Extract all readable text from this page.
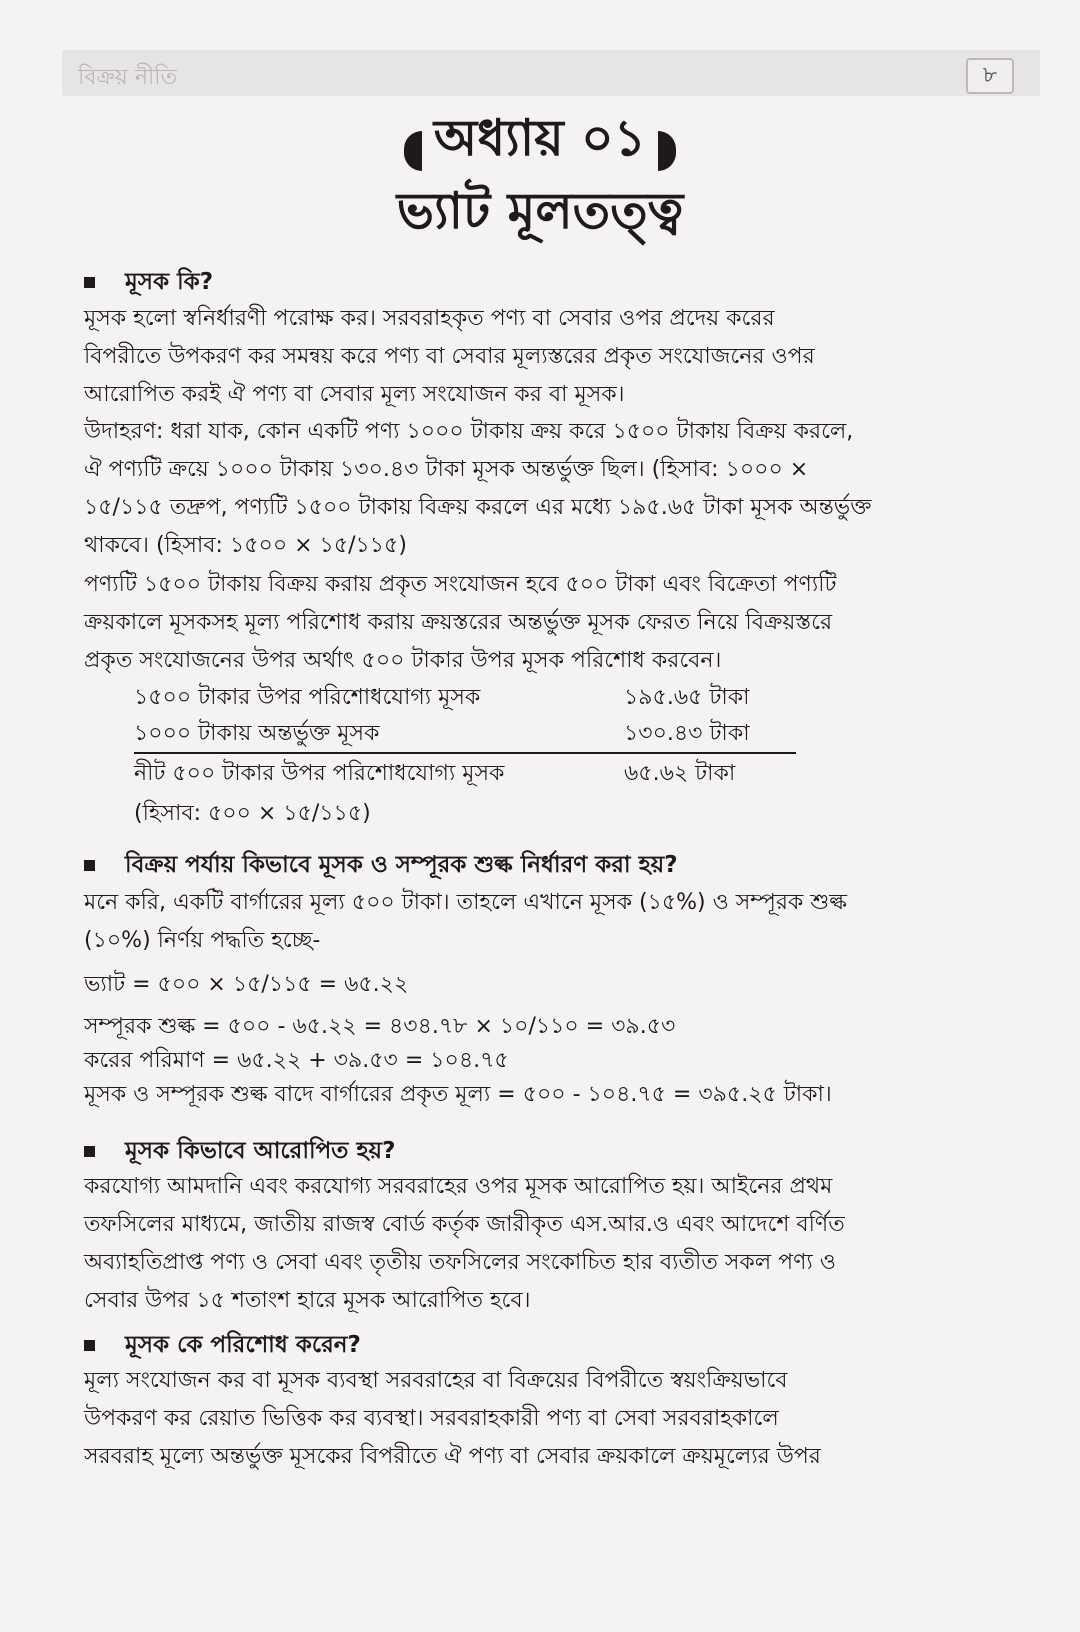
বিক্রয় নীতি	৮
অধ্যায় ০১
ভ্যাট মূলতত্ত্ব
মূসক কি?
মূসক হলো স্বনির্ধারণী পরোক্ষ কর। সরবরাহকৃত পণ্য বা সেবার ওপর প্রদেয় করের
বিপরীতে উপকরণ কর সমন্বয় করে পণ্য বা সেবার মূল্যস্তরের প্রকৃত সংযোজনের ওপর
আরোপিত করই ঐ পণ্য বা সেবার মূল্য সংযোজন কর বা মূসক।
উদাহরণ: ধরা যাক, কোন একটি পণ্য ১০০০ টাকায় ক্রয় করে ১৫০০ টাকায় বিক্রয় করলে,
ঐ পণ্যটি ক্রয়ে ১০০০ টাকায় ১৩০.৪৩ টাকা মূসক অন্তর্ভুক্ত ছিল। (হিসাব: ১০০০ ×
১৫/১১৫ তদ্রুপ, পণ্যটি ১৫০০ টাকায় বিক্রয় করলে এর মধ্যে ১৯৫.৬৫ টাকা মূসক অন্তর্ভুক্ত
থাকবে। (হিসাব: ১৫০০ × ১৫/১১৫)
পণ্যটি ১৫০০ টাকায় বিক্রয় করায় প্রকৃত সংযোজন হবে ৫০০ টাকা এবং বিক্রেতা পণ্যটি
ক্রয়কালে মূসকসহ মূল্য পরিশোধ করায় ক্রয়স্তরের অন্তর্ভুক্ত মূসক ফেরত নিয়ে বিক্রয়স্তরে
প্রকৃত সংযোজনের উপর অর্থাৎ ৫০০ টাকার উপর মূসক পরিশোধ করবেন।
১৫০০ টাকার উপর পরিশোধযোগ্য মূসক	১৯৫.৬৫ টাকা
১০০০ টাকায় অন্তর্ভুক্ত মূসক	১৩০.৪৩ টাকা
নীট ৫০০ টাকার উপর পরিশোধযোগ্য মূসক	৬৫.৬২ টাকা
(হিসাব: ৫০০ × ১৫/১১৫)
বিক্রয় পর্যায় কিভাবে মূসক ও সম্পূরক শুল্ক নির্ধারণ করা হয়?
মনে করি, একটি বার্গারের মূল্য ৫০০ টাকা। তাহলে এখানে মূসক (১৫%) ও সম্পূরক শুল্ক
(১০%) নির্ণয় পদ্ধতি হচ্ছে-
ভ্যাট = ৫০০ × ১৫/১১৫ = ৬৫.২২
সম্পূরক শুল্ক = ৫০০ - ৬৫.২২ = ৪৩৪.৭৮ × ১০/১১০ = ৩৯.৫৩
করের পরিমাণ = ৬৫.২২ + ৩৯.৫৩ = ১০৪.৭৫
মূসক ও সম্পূরক শুল্ক বাদে বার্গারের প্রকৃত মূল্য = ৫০০ - ১০৪.৭৫ = ৩৯৫.২৫ টাকা।
মূসক কিভাবে আরোপিত হয়?
করযোগ্য আমদানি এবং করযোগ্য সরবরাহের ওপর মূসক আরোপিত হয়। আইনের প্রথম
তফসিলের মাধ্যমে, জাতীয় রাজস্ব বোর্ড কর্তৃক জারীকৃত এস.আর.ও এবং আদেশে বর্ণিত
অব্যাহতিপ্রাপ্ত পণ্য ও সেবা এবং তৃতীয় তফসিলের সংকোচিত হার ব্যতীত সকল পণ্য ও
সেবার উপর ১৫ শতাংশ হারে মূসক আরোপিত হবে।
মূসক কে পরিশোধ করেন?
মূল্য সংযোজন কর বা মূসক ব্যবস্থা সরবরাহের বা বিক্রয়ের বিপরীতে স্বয়ংক্রিয়ভাবে
উপকরণ কর রেয়াত ভিত্তিক কর ব্যবস্থা। সরবরাহকারী পণ্য বা সেবা সরবরাহকালে
সরবরাহ মূল্যে অন্তর্ভুক্ত মূসকের বিপরীতে ঐ পণ্য বা সেবার ক্রয়কালে ক্রয়মূল্যের উপর
